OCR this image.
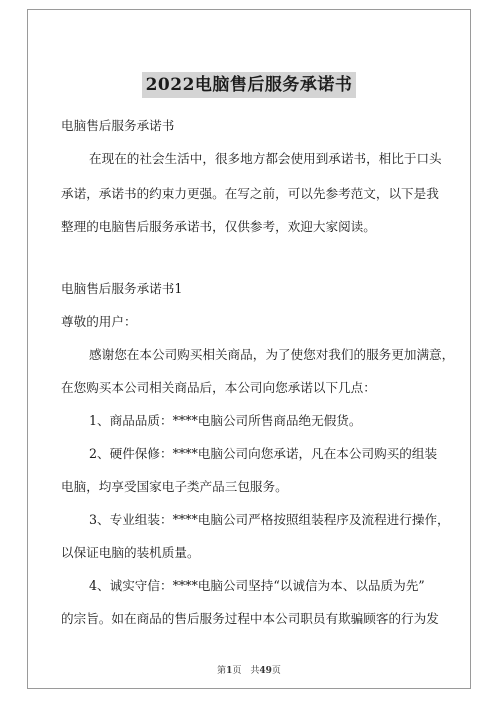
2022电脑售后服务承诺书
电脑售后服务承诺书
在现在的社会生活中，很多地方都会使用到承诺书，相比于口头
承诺，承诺书的约束力更强。在写之前，可以先参考范文，以下是我
整理的电脑售后服务承诺书，仅供参考，欢迎大家阅读。
电脑售后服务承诺书1
尊敬的用户：
感谢您在本公司购买相关商品，为了使您对我们的服务更加满意，
在您购买本公司相关商品后，本公司向您承诺以下几点：
1、商品品质：****电脑公司所售商品绝无假货。
2、硬件保修：****电脑公司向您承诺，凡在本公司购买的组装
电脑，均享受国家电子类产品三包服务。
3、专业组装：****电脑公司严格按照组装程序及流程进行操作，
以保证电脑的装机质量。
4、诚实守信：****电脑公司坚持“以诚信为本、以品质为先”
的宗旨。如在商品的售后服务过程中本公司职员有欺骗顾客的行为发
第1页　共49页
